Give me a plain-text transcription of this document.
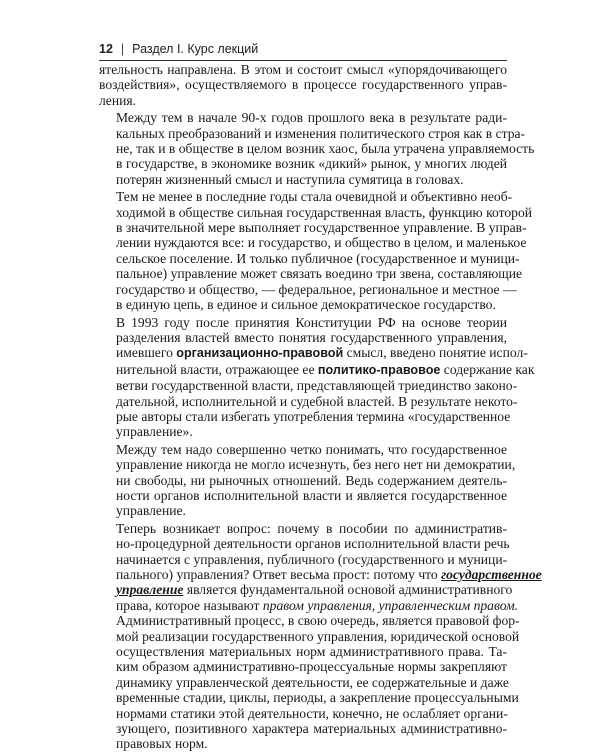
12 | Раздел I. Курс лекций

ятельность направлена. В этом и состоит смысл «упорядочивающего
воздействия», осуществляемого в процессе государственного управ-
ления.

Между тем в начале 90-х годов прошлого века в результате ради-
кальных преобразований и изменения политического строя как в стра-
не, так и в обществе в целом возник хаос, была утрачена управляемость
в государстве, в экономике возник «дикий» рынок, у многих людей
потерян жизненный смысл и наступила сумятица в головах.

Тем не менее в последние годы стала очевидной и объективно необ-
ходимой в обществе сильная государственная власть, функцию которой
в значительной мере выполняет государственное управление. В управ-
лении нуждаются все: и государство, и общество в целом, и маленькое
сельское поселение. И только публичное (государственное и муници-
пальное) управление может связать воедино три звена, составляющие
государство и общество, — федеральное, региональное и местное —
в единую цепь, в единое и сильное демократическое государство.

В 1993 году после принятия Конституции РФ на основе теории
разделения властей вместо понятия государственного управления,
имевшего организационно-правовой смысл, введено понятие испол-
нительной власти, отражающее ее политико-правовое содержание как
ветви государственной власти, представляющей триединство законо-
дательной, исполнительной и судебной властей. В результате некото-
рые авторы стали избегать употребления термина «государственное
управление».

Между тем надо совершенно четко понимать, что государственное
управление никогда не могло исчезнуть, без него нет ни демократии,
ни свободы, ни рыночных отношений. Ведь содержанием деятель-
ности органов исполнительной власти и является государственное
управление.

Теперь возникает вопрос: почему в пособии по административ-
но-процедурной деятельности органов исполнительной власти речь
начинается с управления, публичного (государственного и муници-
пального) управления? Ответ весьма прост: потому что государственное
управление является фундаментальной основой административного
права, которое называют правом управления, управленческим правом.
Административный процесс, в свою очередь, является правовой фор-
мой реализации государственного управления, юридической основой
осуществления материальных норм административного права. Та-
ким образом административно-процессуальные нормы закрепляют
динамику управленческой деятельности, ее содержательные и даже
временные стадии, циклы, периоды, а закрепление процессуальными
нормами статики этой деятельности, конечно, не ослабляет органи-
зующего, позитивного характера материальных административно-
правовых норм.
